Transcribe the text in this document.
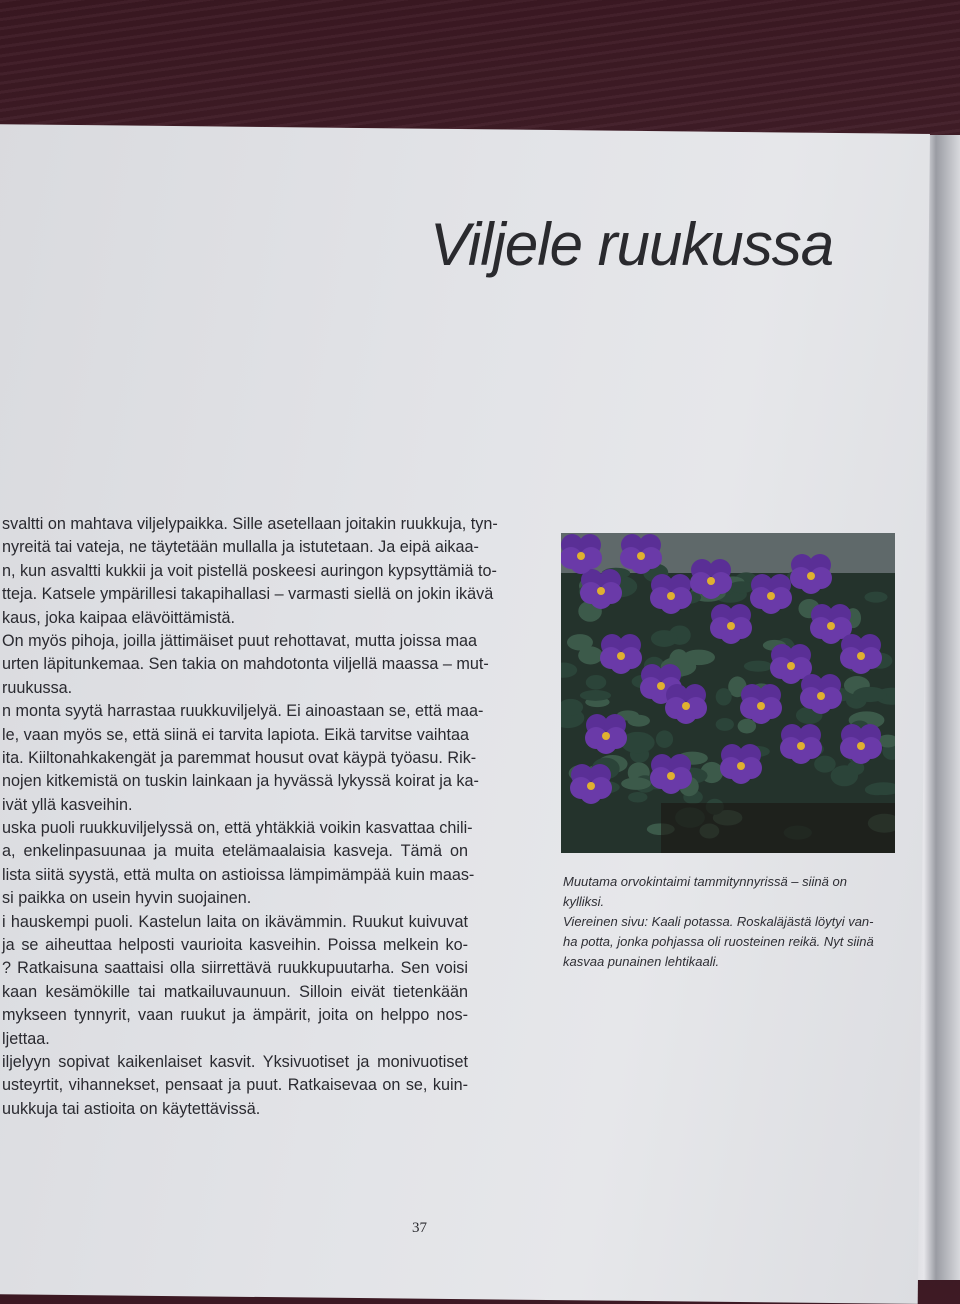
Viljele ruukussa
svaltti on mahtava viljelypaikka. Sille asetellaan joitakin ruukkuja, tyn-
nyreitä tai vateja, ne täytetään mullalla ja istutetaan. Ja eipä aikaa-
n, kun asvaltti kukkii ja voit pistellä poskeesi auringon kypsyttämiä to-
tteja. Katsele ympärillesi takapihallasi – varmasti siellä on jokin ikävä
kaus, joka kaipaa elävöittämistä.
On myös pihoja, joilla jättimäiset puut rehottavat, mutta joissa maa
urten läpitunkemaa. Sen takia on mahdotonta viljellä maassa – mut-
ruukussa.
n monta syytä harrastaa ruukkuviljelyä. Ei ainoastaan se, että maa-
le, vaan myös se, että siinä ei tarvita lapiota. Eikä tarvitse vaihtaa
ita. Kiiltonahkakengät ja paremmat housut ovat käypä työasu. Rik-
nojen kitkemistä on tuskin lainkaan ja hyvässä lykyssä koirat ja ka-
ivät yllä kasveihin.
uska puoli ruukkuviljelyssä on, että yhtäkkiä voikin kasvattaa chili-
a, enkelinpasuunaa ja muita etelämaalaisia kasveja. Tämä on
lista siitä syystä, että multa on astioissa lämpimämpää kuin maas-
si paikka on usein hyvin suojainen.
i hauskempi puoli. Kastelun laita on ikävämmin. Ruukut kuivuvat
ja se aiheuttaa helposti vaurioita kasveihin. Poissa melkein ko-
? Ratkaisuna saattaisi olla siirrettävä ruukkupuutarha. Sen voisi
kaan kesämökille tai matkailuvaunuun. Silloin eivät tietenkään
mykseen tynnyrit, vaan ruukut ja ämpärit, joita on helppo nos-
ljettaa.
iljelyyn sopivat kaikenlaiset kasvit. Yksivuotiset ja monivuotiset
usteyrtit, vihannekset, pensaat ja puut. Ratkaisevaa on se, kuin-
uukkuja tai astioita on käytettävissä.
Muutama orvokintaimi tammitynnyrissä – siinä on
kylliksi.
Viereinen sivu: Kaali potassa. Roskaläjästä löytyi van-
ha potta, jonka pohjassa oli ruosteinen reikä. Nyt siinä
kasvaa punainen lehtikaali.
37
